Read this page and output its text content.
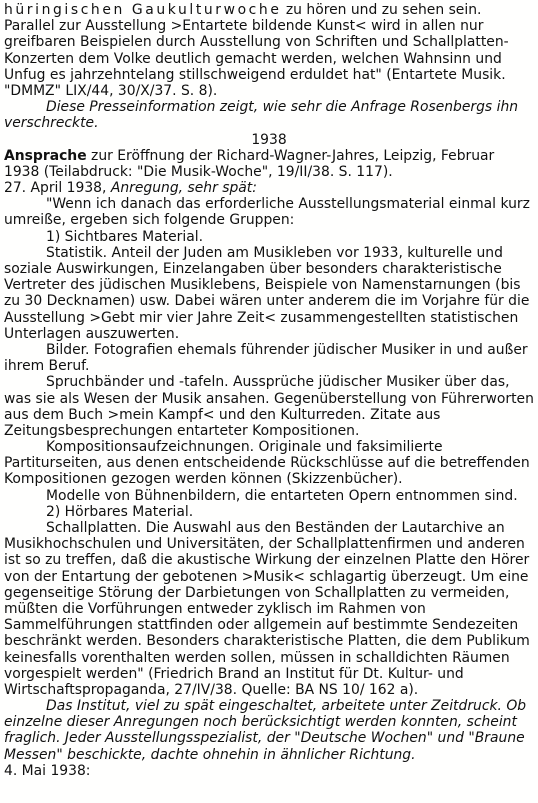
hüringischen Gaukulturwoche zu hören und zu sehen sein.
Parallel zur Ausstellung >Entartete bildende Kunst< wird in allen nur
greifbaren Beispielen durch Ausstellung von Schriften und Schallplatten-
Konzerten dem Volke deutlich gemacht werden, welchen Wahnsinn und
Unfug es jahrzehntelang stillschweigend erduldet hat" (Entartete Musik.
"DMMZ" LIX/44, 30/X/37. S. 8).
Diese Presseinformation zeigt, wie sehr die Anfrage Rosenbergs ihn
verschreckte.
1938
Ansprache zur Eröffnung der Richard-Wagner-Jahres, Leipzig, Februar
1938 (Teilabdruck: "Die Musik-Woche", 19/II/38. S. 117).
27. April 1938, Anregung, sehr spät:
"Wenn ich danach das erforderliche Ausstellungsmaterial einmal kurz
umreiße, ergeben sich folgende Gruppen:
1) Sichtbares Material.
Statistik. Anteil der Juden am Musikleben vor 1933, kulturelle und
soziale Auswirkungen, Einzelangaben über besonders charakteristische
Vertreter des jüdischen Musiklebens, Beispiele von Namenstarnungen (bis
zu 30 Decknamen) usw. Dabei wären unter anderem die im Vorjahre für die
Ausstellung >Gebt mir vier Jahre Zeit< zusammengestellten statistischen
Unterlagen auszuwerten.
Bilder. Fotografien ehemals führender jüdischer Musiker in und außer
ihrem Beruf.
Spruchbänder und -tafeln. Aussprüche jüdischer Musiker über das,
was sie als Wesen der Musik ansahen. Gegenüberstellung von Führerworten
aus dem Buch >mein Kampf< und den Kulturreden. Zitate aus
Zeitungsbesprechungen entarteter Kompositionen.
Kompositionsaufzeichnungen. Originale und faksimilierte
Partiturseiten, aus denen entscheidende Rückschlüsse auf die betreffenden
Kompositionen gezogen werden können (Skizzenbücher).
Modelle von Bühnenbildern, die entarteten Opern entnommen sind.
2) Hörbares Material.
Schallplatten. Die Auswahl aus den Beständen der Lautarchive an
Musikhochschulen und Universitäten, der Schallplattenfirmen und anderen
ist so zu treffen, daß die akustische Wirkung der einzelnen Platte den Hörer
von der Entartung der gebotenen >Musik< schlagartig überzeugt. Um eine
gegenseitige Störung der Darbietungen von Schallplatten zu vermeiden,
müßten die Vorführungen entweder zyklisch im Rahmen von
Sammelführungen stattfinden oder allgemein auf bestimmte Sendezeiten
beschränkt werden. Besonders charakteristische Platten, die dem Publikum
keinesfalls vorenthalten werden sollen, müssen in schalldichten Räumen
vorgespielt werden" (Friedrich Brand an Institut für Dt. Kultur- und
Wirtschaftspropaganda, 27/IV/38. Quelle: BA NS 10/ 162 a).
Das Institut, viel zu spät eingeschaltet, arbeitete unter Zeitdruck. Ob
einzelne dieser Anregungen noch berücksichtigt werden konnten, scheint
fraglich. Jeder Ausstellungsspezialist, der "Deutsche Wochen" und "Braune
Messen" beschickte, dachte ohnehin in ähnlicher Richtung.
4. Mai 1938:
